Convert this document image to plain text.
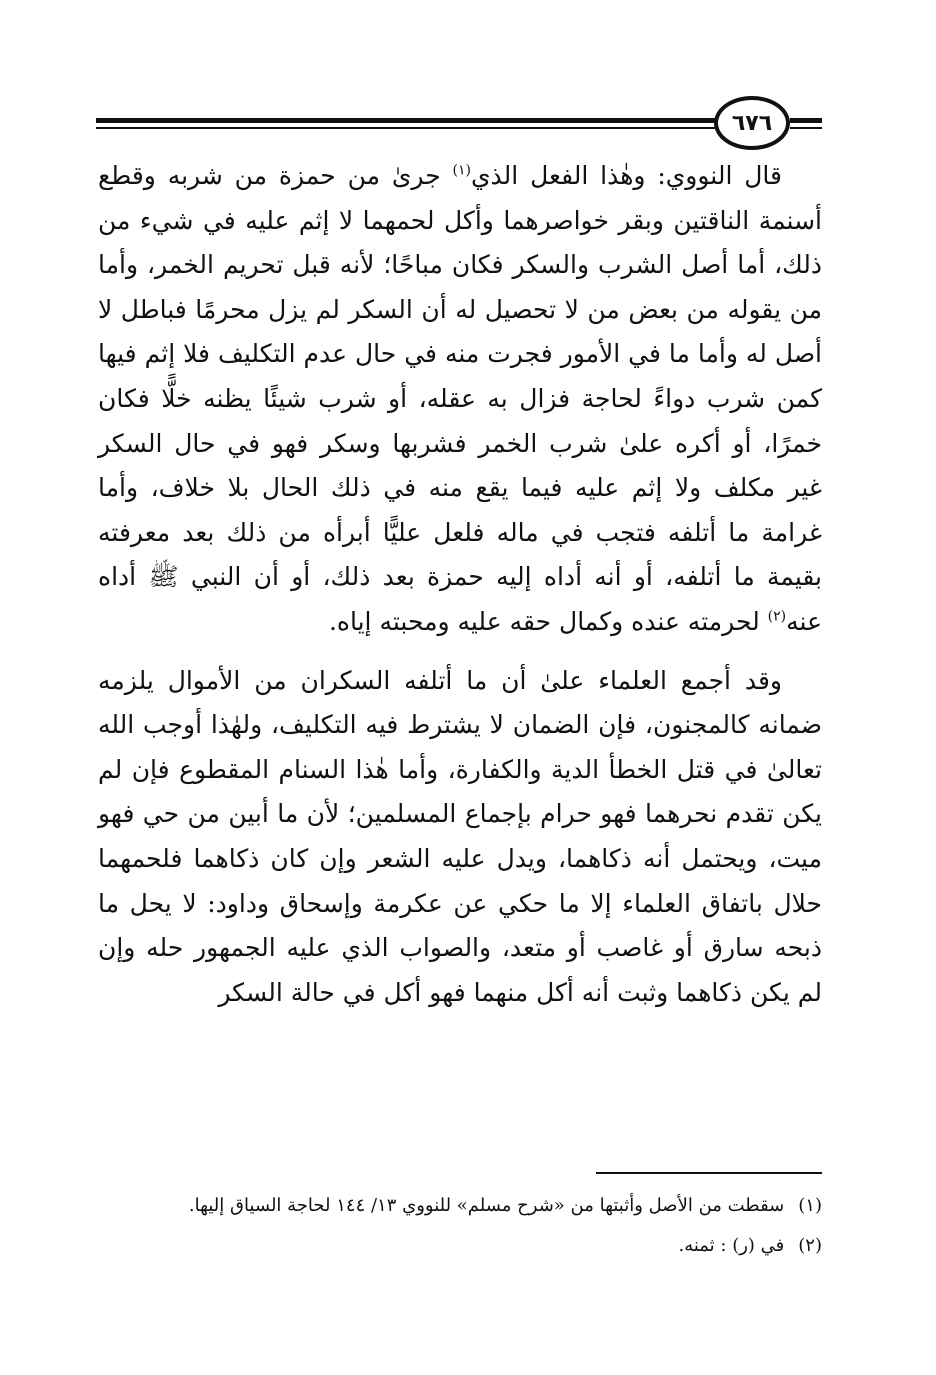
٦٧٦

قال النووي: وهٰذا الفعل الذي$^{(١)}$ جرىٰ من حمزة من شربه وقطع أسنمة الناقتين وبقر خواصرهما وأكل لحمهما لا إثم عليه في شيء من ذلك، أما أصل الشرب والسكر فكان مباحًا؛ لأنه قبل تحريم الخمر، وأما من يقوله من بعض من لا تحصيل له أن السكر لم يزل محرمًا فباطل لا أصل له وأما ما في الأمور فجرت منه في حال عدم التكليف فلا إثم فيها كمن شرب دواءً لحاجة فزال به عقله، أو شرب شيئًا يظنه خلًّا فكان خمرًا، أو أكره علىٰ شرب الخمر فشربها وسكر فهو في حال السكر غير مكلف ولا إثم عليه فيما يقع منه في ذلك الحال بلا خلاف، وأما غرامة ما أتلفه فتجب في ماله فلعل عليًّا أبرأه من ذلك بعد معرفته بقيمة ما أتلفه، أو أنه أداه إليه حمزة بعد ذلك، أو أن النبي ﷺ أداه عنه$^{(٢)}$ لحرمته عنده وكمال حقه عليه ومحبته إياه.

وقد أجمع العلماء علىٰ أن ما أتلفه السكران من الأموال يلزمه ضمانه كالمجنون، فإن الضمان لا يشترط فيه التكليف، ولهٰذا أوجب الله تعالىٰ في قتل الخطأ الدية والكفارة، وأما هٰذا السنام المقطوع فإن لم يكن تقدم نحرهما فهو حرام بإجماع المسلمين؛ لأن ما أبين من حي فهو ميت، ويحتمل أنه ذكاهما، ويدل عليه الشعر وإن كان ذكاهما فلحمهما حلال باتفاق العلماء إلا ما حكي عن عكرمة وإسحاق وداود: لا يحل ما ذبحه سارق أو غاصب أو متعد، والصواب الذي عليه الجمهور حله وإن لم يكن ذكاهما وثبت أنه أكل منهما فهو أكل في حالة السكر

(١)سقطت من الأصل وأثبتها من «شرح مسلم» للنووي ١٣/ ١٤٤ لحاجة السياق إليها.
(٢)في (ر) : ثمنه.
